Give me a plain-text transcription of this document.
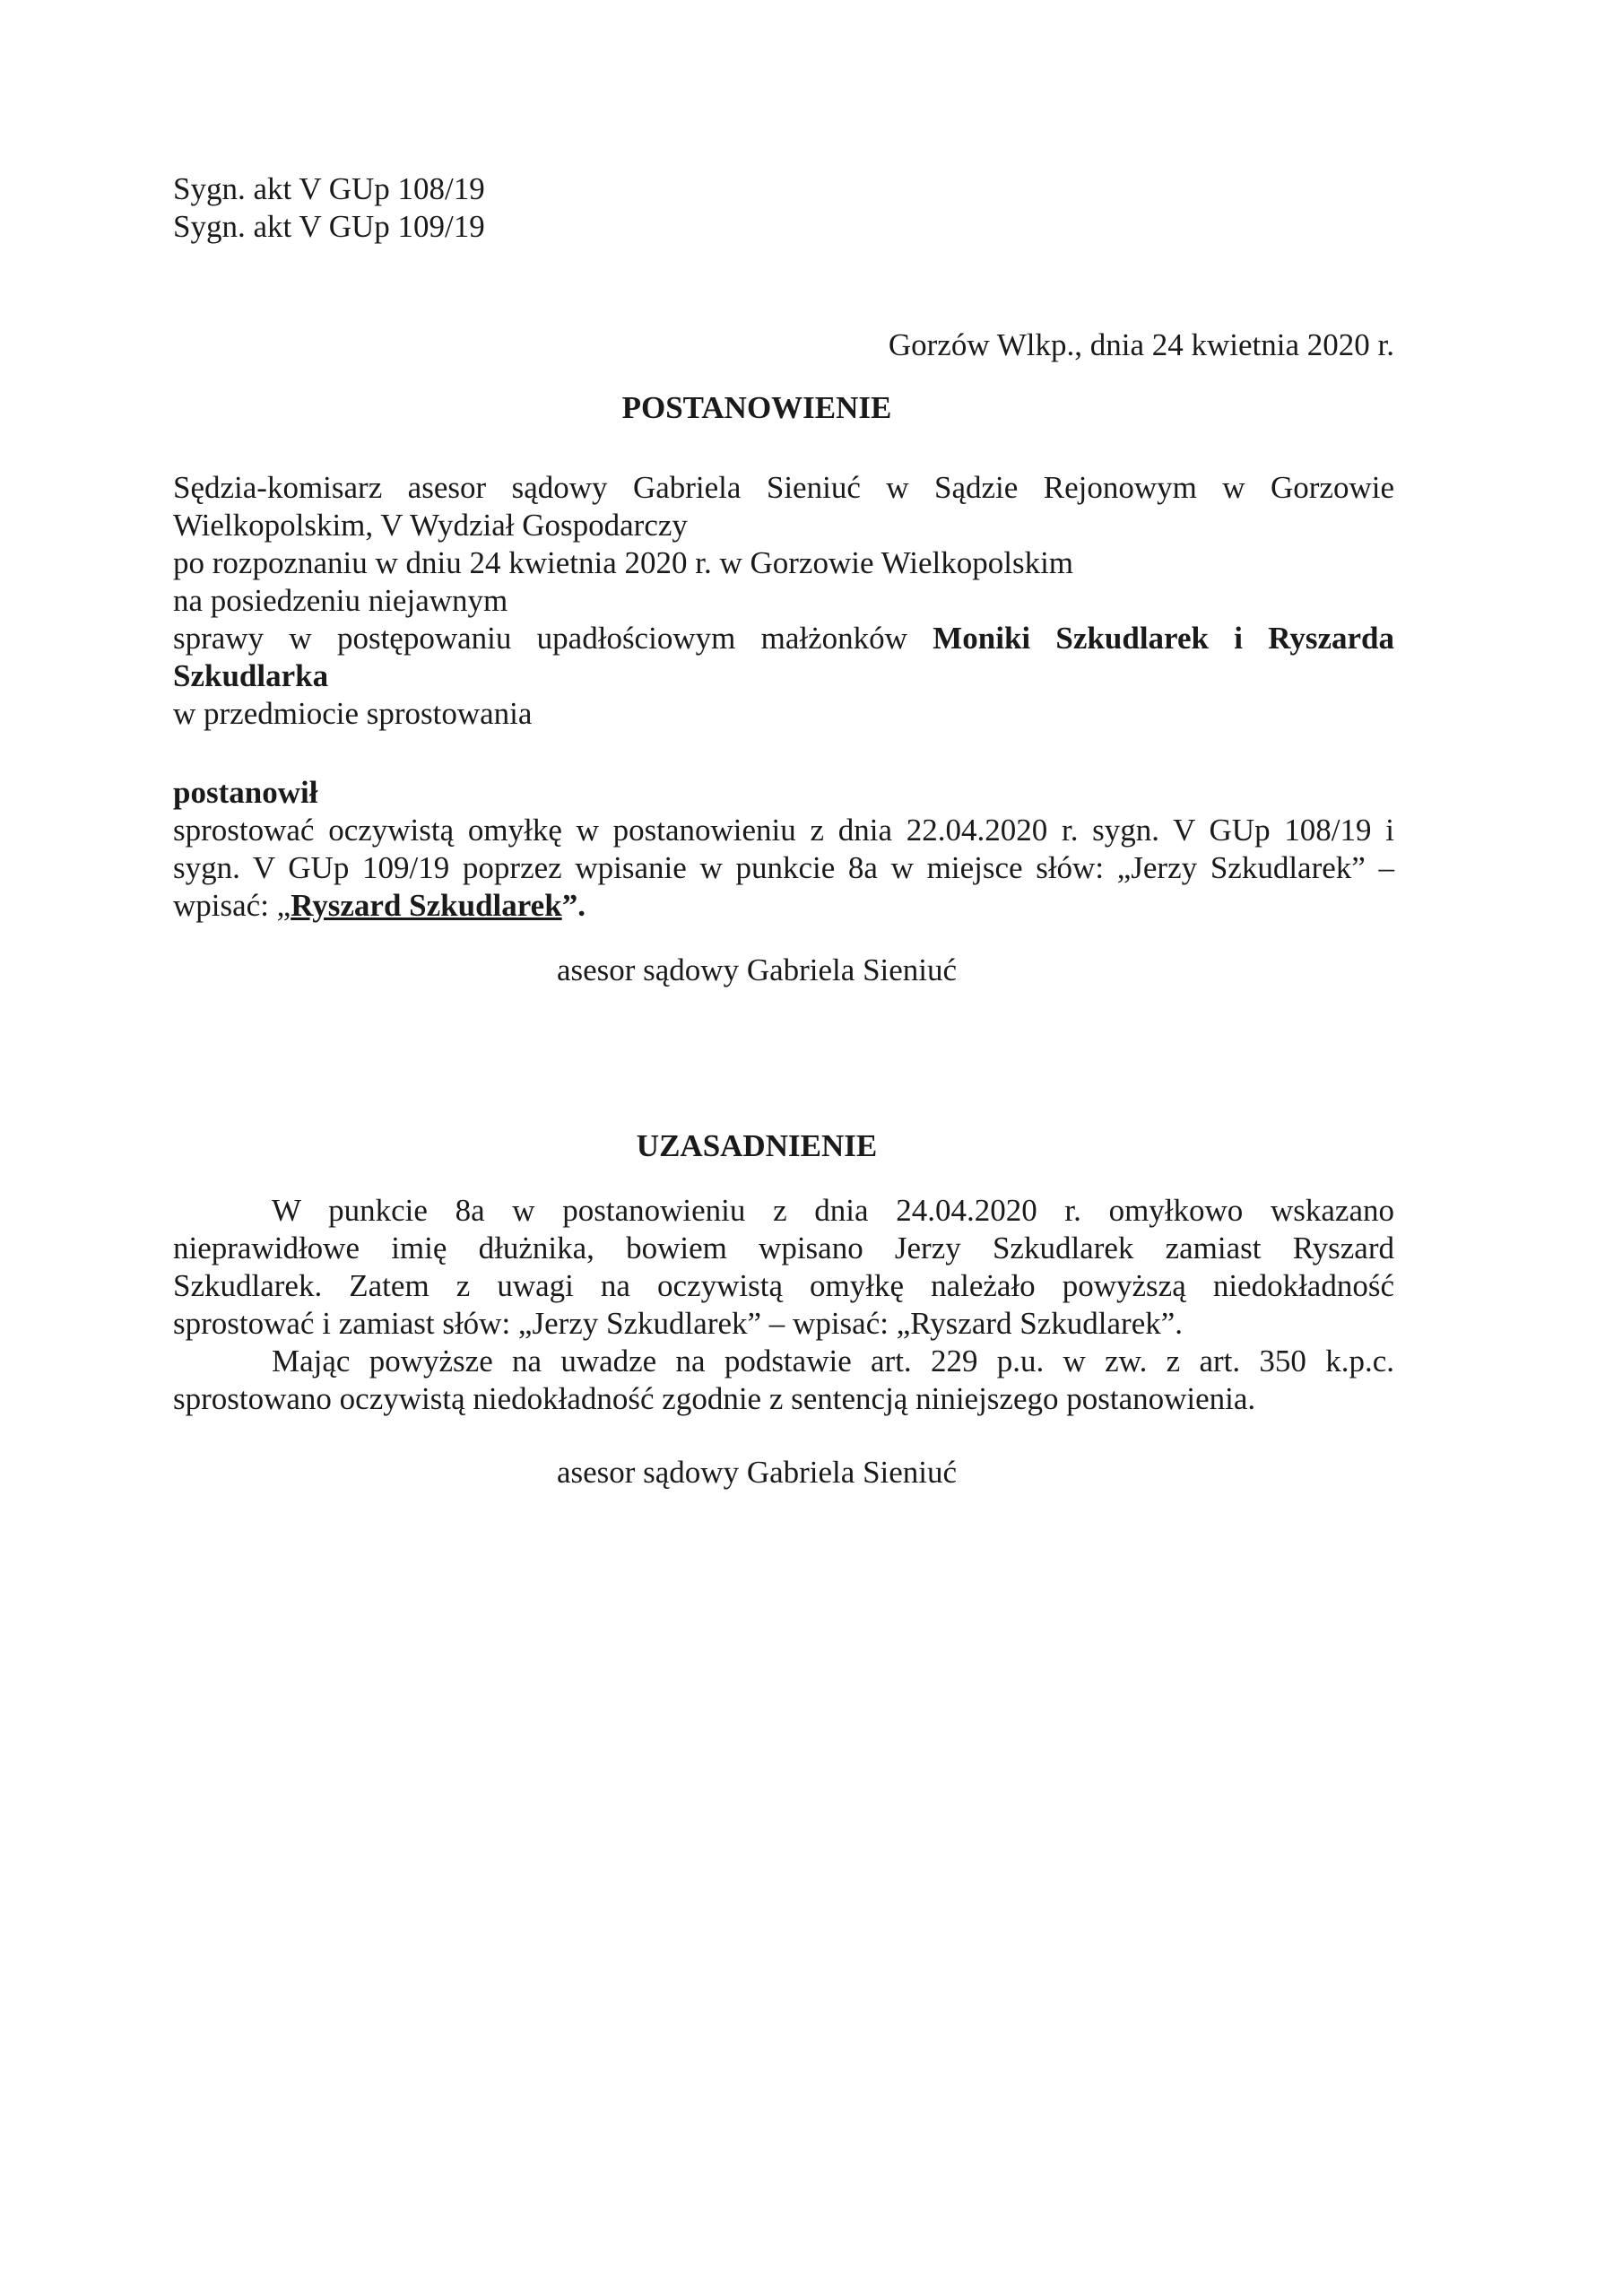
Sygn. akt V GUp 108/19
Sygn. akt V GUp 109/19
Gorzów Wlkp., dnia 24 kwietnia 2020 r.
POSTANOWIENIE
Sędzia-komisarz asesor sądowy Gabriela Sieniuć w Sądzie Rejonowym w Gorzowie
Wielkopolskim, V Wydział Gospodarczy
po rozpoznaniu w dniu 24 kwietnia 2020 r. w Gorzowie Wielkopolskim
na posiedzeniu niejawnym
sprawy w postępowaniu upadłościowym małżonków Moniki Szkudlarek i Ryszarda
Szkudlarka
w przedmiocie sprostowania
postanowił
sprostować oczywistą omyłkę w postanowieniu z dnia 22.04.2020 r. sygn. V GUp 108/19 i
sygn. V GUp 109/19 poprzez wpisanie w punkcie 8a w miejsce słów: „Jerzy Szkudlarek” –
wpisać: „Ryszard Szkudlarek”.
asesor sądowy Gabriela Sieniuć
UZASADNIENIE
W punkcie 8a w postanowieniu z dnia 24.04.2020 r. omyłkowo wskazano
nieprawidłowe imię dłużnika, bowiem wpisano Jerzy Szkudlarek zamiast Ryszard
Szkudlarek. Zatem z uwagi na oczywistą omyłkę należało powyższą niedokładność
sprostować i zamiast słów: „Jerzy Szkudlarek” – wpisać: „Ryszard Szkudlarek”.
Mając powyższe na uwadze na podstawie art. 229 p.u. w zw. z art. 350 k.p.c.
sprostowano oczywistą niedokładność zgodnie z sentencją niniejszego postanowienia.
asesor sądowy Gabriela Sieniuć
